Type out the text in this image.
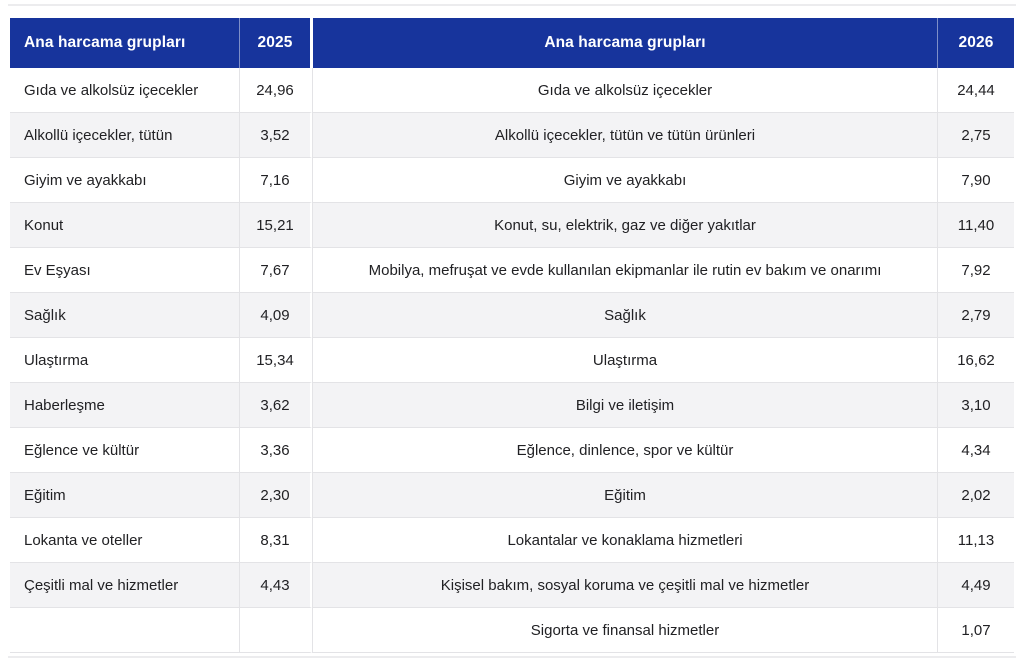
Ana harcama grupları	2025	Ana harcama grupları	2026
Gıda ve alkolsüz içecekler	24,96	Gıda ve alkolsüz içecekler	24,44
Alkollü içecekler, tütün	3,52	Alkollü içecekler, tütün ve tütün ürünleri	2,75
Giyim ve ayakkabı	7,16	Giyim ve ayakkabı	7,90
Konut	15,21	Konut, su, elektrik, gaz ve diğer yakıtlar	11,40
Ev Eşyası	7,67	Mobilya, mefruşat ve evde kullanılan ekipmanlar ile rutin ev bakım ve onarımı	7,92
Sağlık	4,09	Sağlık	2,79
Ulaştırma	15,34	Ulaştırma	16,62
Haberleşme	3,62	Bilgi ve iletişim	3,10
Eğlence ve kültür	3,36	Eğlence, dinlence, spor ve kültür	4,34
Eğitim	2,30	Eğitim	2,02
Lokanta ve oteller	8,31	Lokantalar ve konaklama hizmetleri	11,13
Çeşitli mal ve hizmetler	4,43	Kişisel bakım, sosyal koruma ve çeşitli mal ve hizmetler	4,49
		Sigorta ve finansal hizmetler	1,07
